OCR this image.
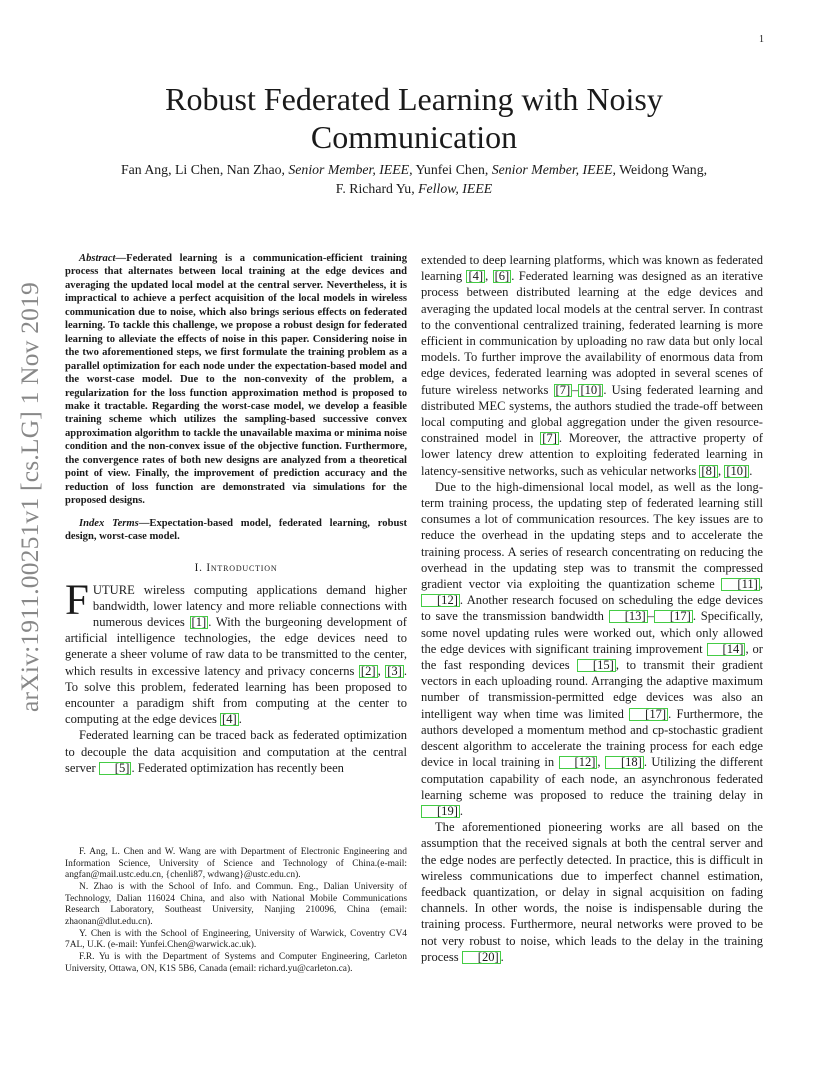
1
arXiv:1911.00251v1 [cs.LG] 1 Nov 2019
Robust Federated Learning with Noisy Communication
Fan Ang, Li Chen, Nan Zhao, Senior Member, IEEE, Yunfei Chen, Senior Member, IEEE, Weidong Wang,
F. Richard Yu, Fellow, IEEE

Abstract—Federated learning is a communication-efficient training process that alternates between local training at the edge devices and averaging the updated local model at the central server. Nevertheless, it is impractical to achieve a perfect acquisition of the local models in wireless communication due to noise, which also brings serious effects on federated learning. To tackle this challenge, we propose a robust design for federated learning to alleviate the effects of noise in this paper. Considering noise in the two aforementioned steps, we first formulate the training problem as a parallel optimization for each node under the expectation-based model and the worst-case model. Due to the non-convexity of the problem, a regularization for the loss function approximation method is proposed to make it tractable. Regarding the worst-case model, we develop a feasible training scheme which utilizes the sampling-based successive convex approximation algorithm to tackle the unavailable maxima or minima noise condition and the non-convex issue of the objective function. Furthermore, the convergence rates of both new designs are analyzed from a theoretical point of view. Finally, the improvement of prediction accuracy and the reduction of loss function are demonstrated via simulations for the proposed designs.

Index Terms—Expectation-based model, federated learning, robust design, worst-case model.

I. Introduction

FUTURE wireless computing applications demand higher bandwidth, lower latency and more reliable connections with numerous devices [1] . With the burgeoning development of artificial intelligence technologies, the edge devices need to generate a sheer volume of raw data to be transmitted to the center, which results in excessive latency and privacy concerns [2] , [3] . To solve this problem, federated learning has been proposed to encounter a paradigm shift from computing at the center to computing at the edge devices [4] .

Federated learning can be traced back as federated optimization to decouple the data acquisition and computation at the central server [5] . Federated optimization has recently been

F. Ang, L. Chen and W. Wang are with Department of Electronic Engineering and Information Science, University of Science and Technology of China.(e-mail: angfan@mail.ustc.edu.cn, {chenli87, wdwang}@ustc.edu.cn).

N. Zhao is with the School of Info. and Commun. Eng., Dalian University of Technology, Dalian 116024 China, and also with National Mobile Communications Research Laboratory, Southeast University, Nanjing 210096, China (email: zhaonan@dlut.edu.cn).

Y. Chen is with the School of Engineering, University of Warwick, Coventry CV4 7AL, U.K. (e-mail: Yunfei.Chen@warwick.ac.uk).

F.R. Yu is with the Department of Systems and Computer Engineering, Carleton University, Ottawa, ON, K1S 5B6, Canada (email: richard.yu@carleton.ca).

extended to deep learning platforms, which was known as federated learning [4] , [6] . Federated learning was designed as an iterative process between distributed learning at the edge devices and averaging the updated local models at the central server. In contrast to the conventional centralized training, federated learning is more efficient in communication by uploading no raw data but only local models. To further improve the availability of enormous data from edge devices, federated learning was adopted in several scenes of future wireless networks [7] – [10] . Using federated learning and distributed MEC systems, the authors studied the trade-off between local computing and global aggregation under the given resource-constrained model in [7] . Moreover, the attractive property of lower latency drew attention to exploiting federated learning in latency-sensitive networks, such as vehicular networks [8] , [10] .

Due to the high-dimensional local model, as well as the long-term training process, the updating step of federated learning still consumes a lot of communication resources. The key issues are to reduce the overhead in the updating steps and to accelerate the training process. A series of research concentrating on reducing the overhead in the updating step was to transmit the compressed gradient vector via exploiting the quantization scheme [11] , [12] . Another research focused on scheduling the edge devices to save the transmission bandwidth [13] – [17] . Specifically, some novel updating rules were worked out, which only allowed the edge devices with significant training improvement [14] , or the fast responding devices [15] , to transmit their gradient vectors in each uploading round. Arranging the adaptive maximum number of transmission-permitted edge devices was also an intelligent way when time was limited [17] . Furthermore, the authors developed a momentum method and cp-stochastic gradient descent algorithm to accelerate the training process for each edge device in local training in [12] , [18] . Utilizing the different computation capability of each node, an asynchronous federated learning scheme was proposed to reduce the training delay in [19] .

The aforementioned pioneering works are all based on the assumption that the received signals at both the central server and the edge nodes are perfectly detected. In practice, this is difficult in wireless communications due to imperfect channel estimation, feedback quantization, or delay in signal acquisition on fading channels. In other words, the noise is indispensable during the training process. Furthermore, neural networks were proved to be not very robust to noise, which leads to the delay in the training process [20] .
